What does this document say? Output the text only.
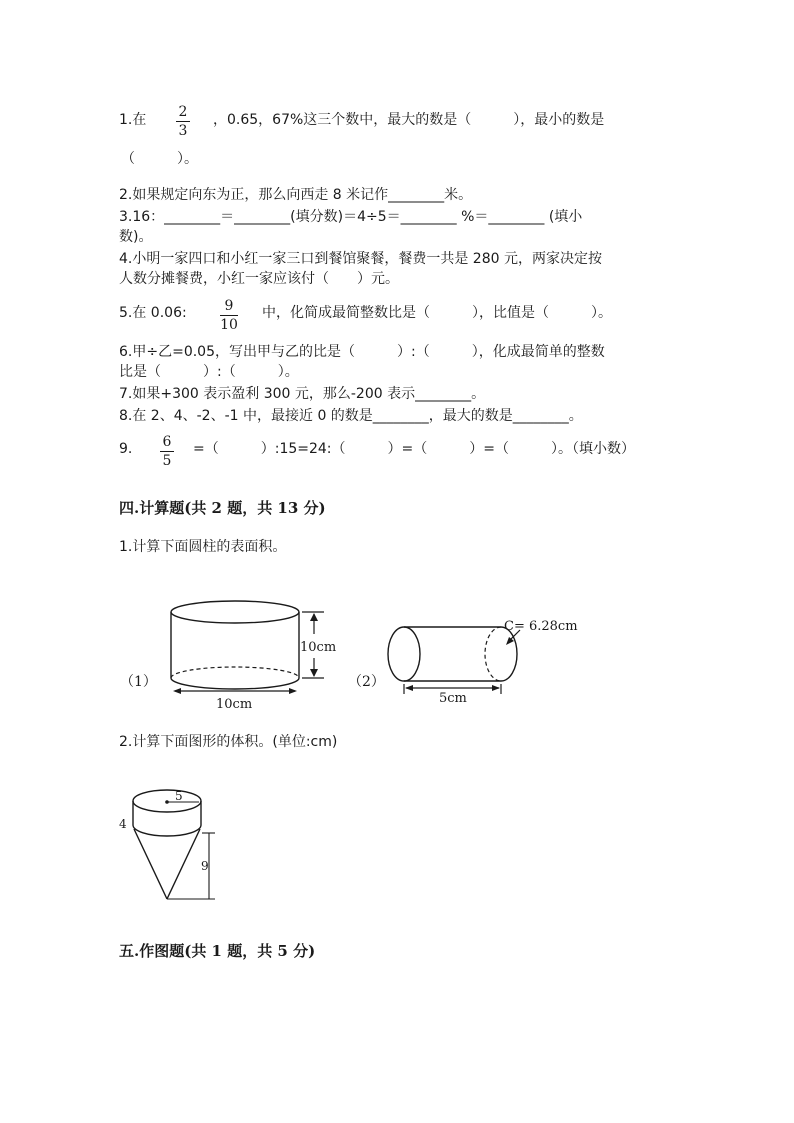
1.在 2
3
，0.65，67%这三个数中，最大的数是（　　　），最小的数是
（　　　）。
2.如果规定向东为正，那么向西走 8 米记作________米。
3.16：________＝________(填分数)＝4÷5＝________ %＝________ (填小
数)。
4.小明一家四口和小红一家三口到餐馆聚餐，餐费一共是 280 元，两家决定按
人数分摊餐费，小红一家应该付（　　）元。
5.在 0.06:	9
10
中，化简成最简整数比是（　　　），比值是（　　　）。
6.甲÷乙=0.05，写出甲与乙的比是（　　　）:（　　　），化成最简单的整数
比是（　　　）:（　　　）。
7.如果+300 表示盈利 300 元，那么-200 表示________。
8.在 2、4、-2、-1 中，最接近 0 的数是________，最大的数是________。
9. 6
5
=（　　　）:15=24:（　　　）=（　　　）=（　　　）。（填小数）
四.计算题(共 2 题，共 13 分)
1.计算下面圆柱的表面积。
10cm
10cm
（1）
C= 6.28cm
5cm
（2）
2.计算下面图形的体积。(单位:cm)
5
4
9
五.作图题(共 1 题，共 5 分)
